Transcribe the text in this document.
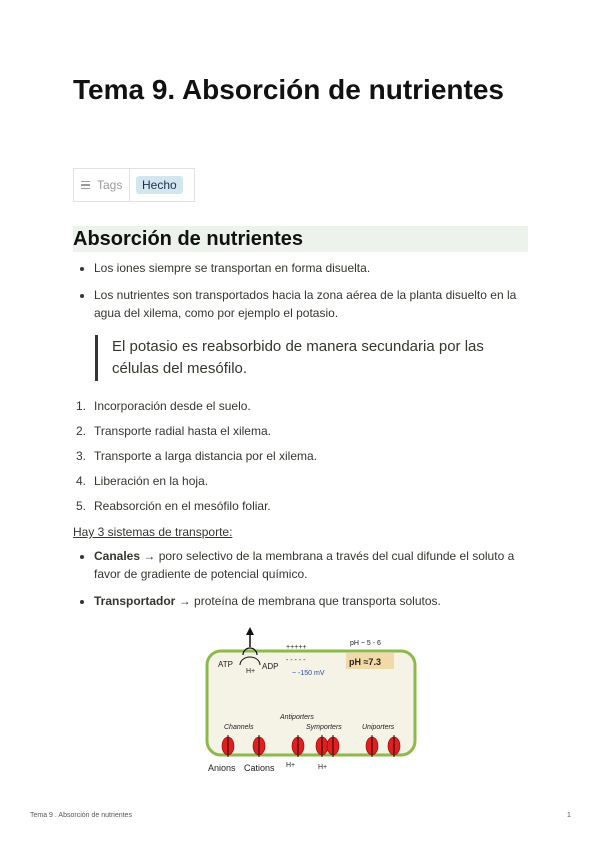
Tema 9. Absorción de nutrientes
Tags	Hecho
Absorción de nutrientes
Los iones siempre se transportan en forma disuelta.
Los nutrientes son transportados hacia la zona aérea de la planta disuelto en la
agua del xilema, como por ejemplo el potasio.
El potasio es reabsorbido de manera secundaria por las
células del mesófilo.
1. Incorporación desde el suelo.
2. Transporte radial hasta el xilema.
3. Transporte a larga distancia por el xilema.
4. Liberación en la hoja.
5. Reabsorción en el mesófilo foliar.
Hay 3 sistemas de transporte:
Canales → poro selectivo de la membrana a través del cual difunde el soluto a
favor de gradiente de potencial químico.
Transportador → proteína de membrana que transporta solutos.
ATP	ADP
H+
+++++
- - - - -
~ -150 mV
pH ~ 5 - 6
pH ≈7.3
Antiporters
Channels	Symporters	Uniporters
Anions Cations H+	H+
Tema 9 . Absorción de nutrientes	1
